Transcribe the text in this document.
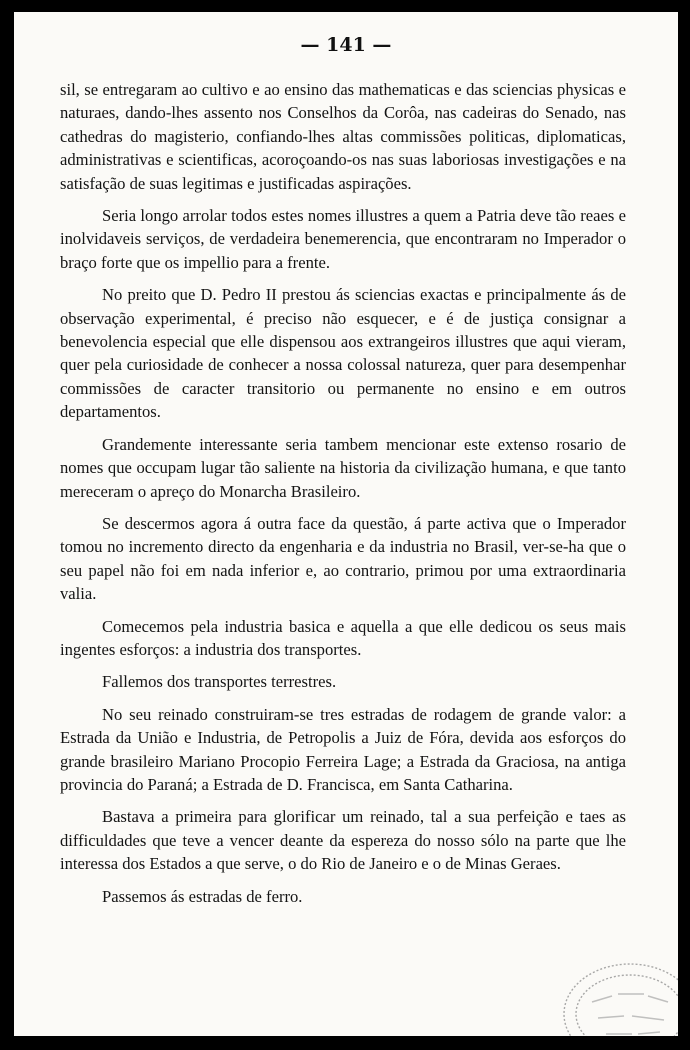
— 141 —

sil, se entregaram ao cultivo e ao ensino das mathematicas e das sciencias physicas e naturaes, dando-lhes assento nos Conselhos da Corôa, nas cadeiras do Senado, nas cathedras do magisterio, confiando-lhes altas commissões politicas, diplomaticas, administrativas e scientificas, acoroçoando-os nas suas laboriosas investigações e na satisfação de suas legitimas e justificadas aspirações.

Seria longo arrolar todos estes nomes illustres a quem a Patria deve tão reaes e inolvidaveis serviços, de verdadeira benemerencia, que encontraram no Imperador o braço forte que os impellio para a frente.

No preito que D. Pedro II prestou ás sciencias exactas e principalmente ás de observação experimental, é preciso não esquecer, e é de justiça consignar a benevolencia especial que elle dispensou aos extrangeiros illustres que aqui vieram, quer pela curiosidade de conhecer a nossa colossal natureza, quer para desempenhar commissões de caracter transitorio ou permanente no ensino e em outros departamentos.

Grandemente interessante seria tambem mencionar este extenso rosario de nomes que occupam lugar tão saliente na historia da civilização humana, e que tanto mereceram o apreço do Monarcha Brasileiro.

Se descermos agora á outra face da questão, á parte activa que o Imperador tomou no incremento directo da engenharia e da industria no Brasil, ver-se-ha que o seu papel não foi em nada inferior e, ao contrario, primou por uma extraordinaria valia.

Comecemos pela industria basica e aquella a que elle dedicou os seus mais ingentes esforços: a industria dos transportes.

Fallemos dos transportes terrestres.

No seu reinado construiram-se tres estradas de rodagem de grande valor: a Estrada da União e Industria, de Petropolis a Juiz de Fóra, devida aos esforços do grande brasileiro Mariano Procopio Ferreira Lage; a Estrada da Graciosa, na antiga provincia do Paraná; a Estrada de D. Francisca, em Santa Catharina.

Bastava a primeira para glorificar um reinado, tal a sua perfeição e taes as difficuldades que teve a vencer deante da espereza do nosso sólo na parte que lhe interessa dos Estados a que serve, o do Rio de Janeiro e o de Minas Geraes.

Passemos ás estradas de ferro.
